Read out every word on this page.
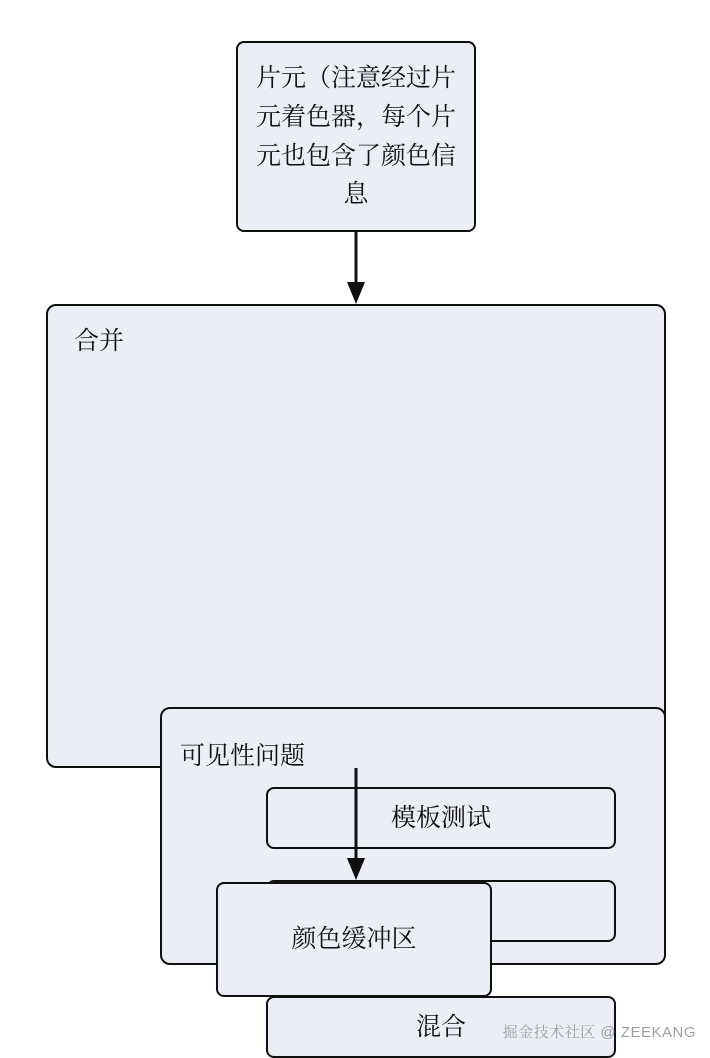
片元（注意经过片元着色器，每个片元也包含了颜色信息
合并
可见性问题
模板测试
混合
颜色缓冲区
掘金技术社区 @ ZEEKANG
